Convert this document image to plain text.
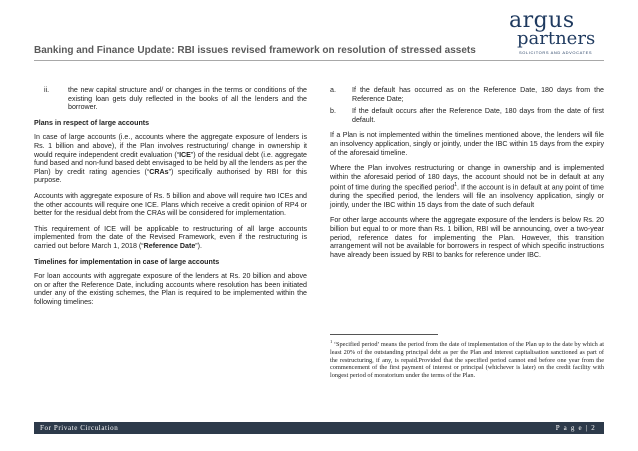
Banking and Finance Update: RBI issues revised framework on resolution of stressed assets
argus
partners
SOLICITORS AND ADVOCATES
ii.	the new capital structure and/ or changes in the terms or conditions of the existing loan gets duly reflected in the books of all the lenders and the borrower.

Plans in respect of large accounts

In case of large accounts (i.e., accounts where the aggregate exposure of lenders is Rs. 1 billion and above), if the Plan involves restructuring/ change in ownership it would require independent credit evaluation (“ICE”) of the residual debt (i.e. aggregate fund based and non-fund based debt envisaged to be held by all the lenders as per the Plan) by credit rating agencies (“CRAs”) specifically authorised by RBI for this purpose.

Accounts with aggregate exposure of Rs. 5 billion and above will require two ICEs and the other accounts will require one ICE. Plans which receive a credit opinion of RP4 or better for the residual debt from the CRAs will be considered for implementation.

This requirement of ICE will be applicable to restructuring of all large accounts implemented from the date of the Revised Framework, even if the restructuring is carried out before March 1, 2018 (“Reference Date”).

Timelines for implementation in case of large accounts

For loan accounts with aggregate exposure of the lenders at Rs. 20 billion and above on or after the Reference Date, including accounts where resolution has been initiated under any of the existing schemes, the Plan is required to be implemented within the following timelines:

a.	If the default has occurred as on the Reference Date, 180 days from the Reference Date;
b.	If the default occurs after the Reference Date, 180 days from the date of first default.

If a Plan is not implemented within the timelines mentioned above, the lenders will file an insolvency application, singly or jointly, under the IBC within 15 days from the expiry of the aforesaid timeline.

Where the Plan involves restructuring or change in ownership and is implemented within the aforesaid period of 180 days, the account should not be in default at any point of time during the specified period$^1$. If the account is in default at any point of time during the specified period, the lenders will file an insolvency application, singly or jointly, under the IBC within 15 days from the date of such default

For other large accounts where the aggregate exposure of the lenders is below Rs. 20 billion but equal to or more than Rs. 1 billion, RBI will be announcing, over a two-year period, reference dates for implementing the Plan. However, this transition arrangement will not be available for borrowers in respect of which specific instructions have already been issued by RBI to banks for reference under IBC.

$^1$ ‘Specified period’ means the period from the date of implementation of the Plan up to the date by which at least 20% of the outstanding principal debt as per the Plan and interest capitalisation sanctioned as part of the restructuring, if any, is repaid.Provided that the specified period cannot end before one year from the commencement of the first payment of interest or principal (whichever is later) on the credit facility with longest period of moratorium under the terms of the Plan.
For Private Circulation	P a g e | 2
